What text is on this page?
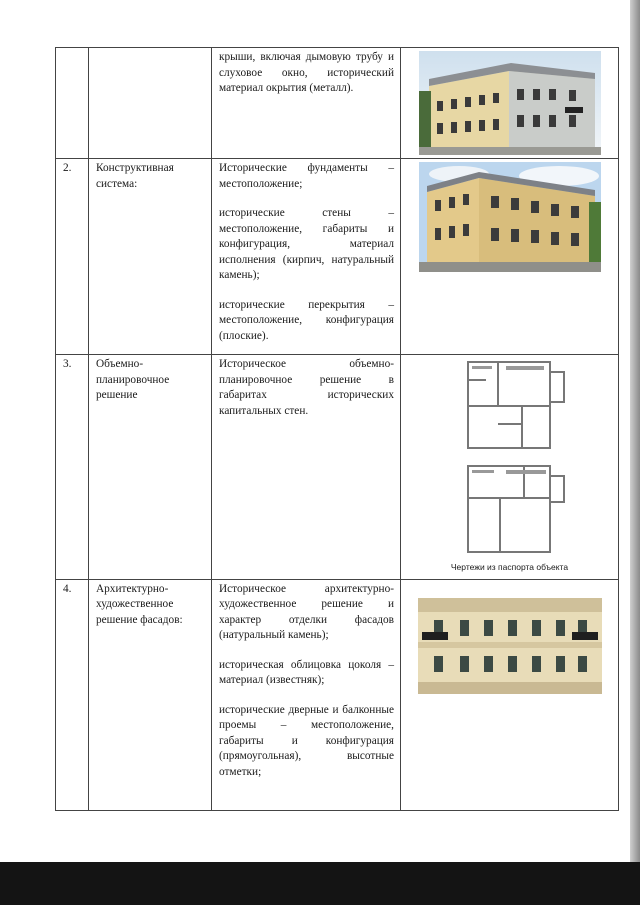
		крыши, включая дымовую трубу и слуховое окно, исторический материал окрытия (металл).

2.	Конструктивная система:	Исторические фундаменты – местоположение;
исторические стены – местоположение, габариты и конфигурация, материал исполнения (кирпич, натуральный камень);
исторические перекрытия – местоположение, конфигурация (плоские).

3.	Объемно-планировочное решение	Историческое объемно-планировочное решение в габаритах исторических капитальных стен.	Чертежи из паспорта объекта

4.	Архитектурно-художественное решение фасадов:	Историческое архитектурно-художественное решение и характер отделки фасадов (натуральный камень);
историческая облицовка цоколя – материал (известняк);
исторические дверные и балконные проемы – местоположение, габариты и конфигурация (прямоугольная), высотные отметки;
